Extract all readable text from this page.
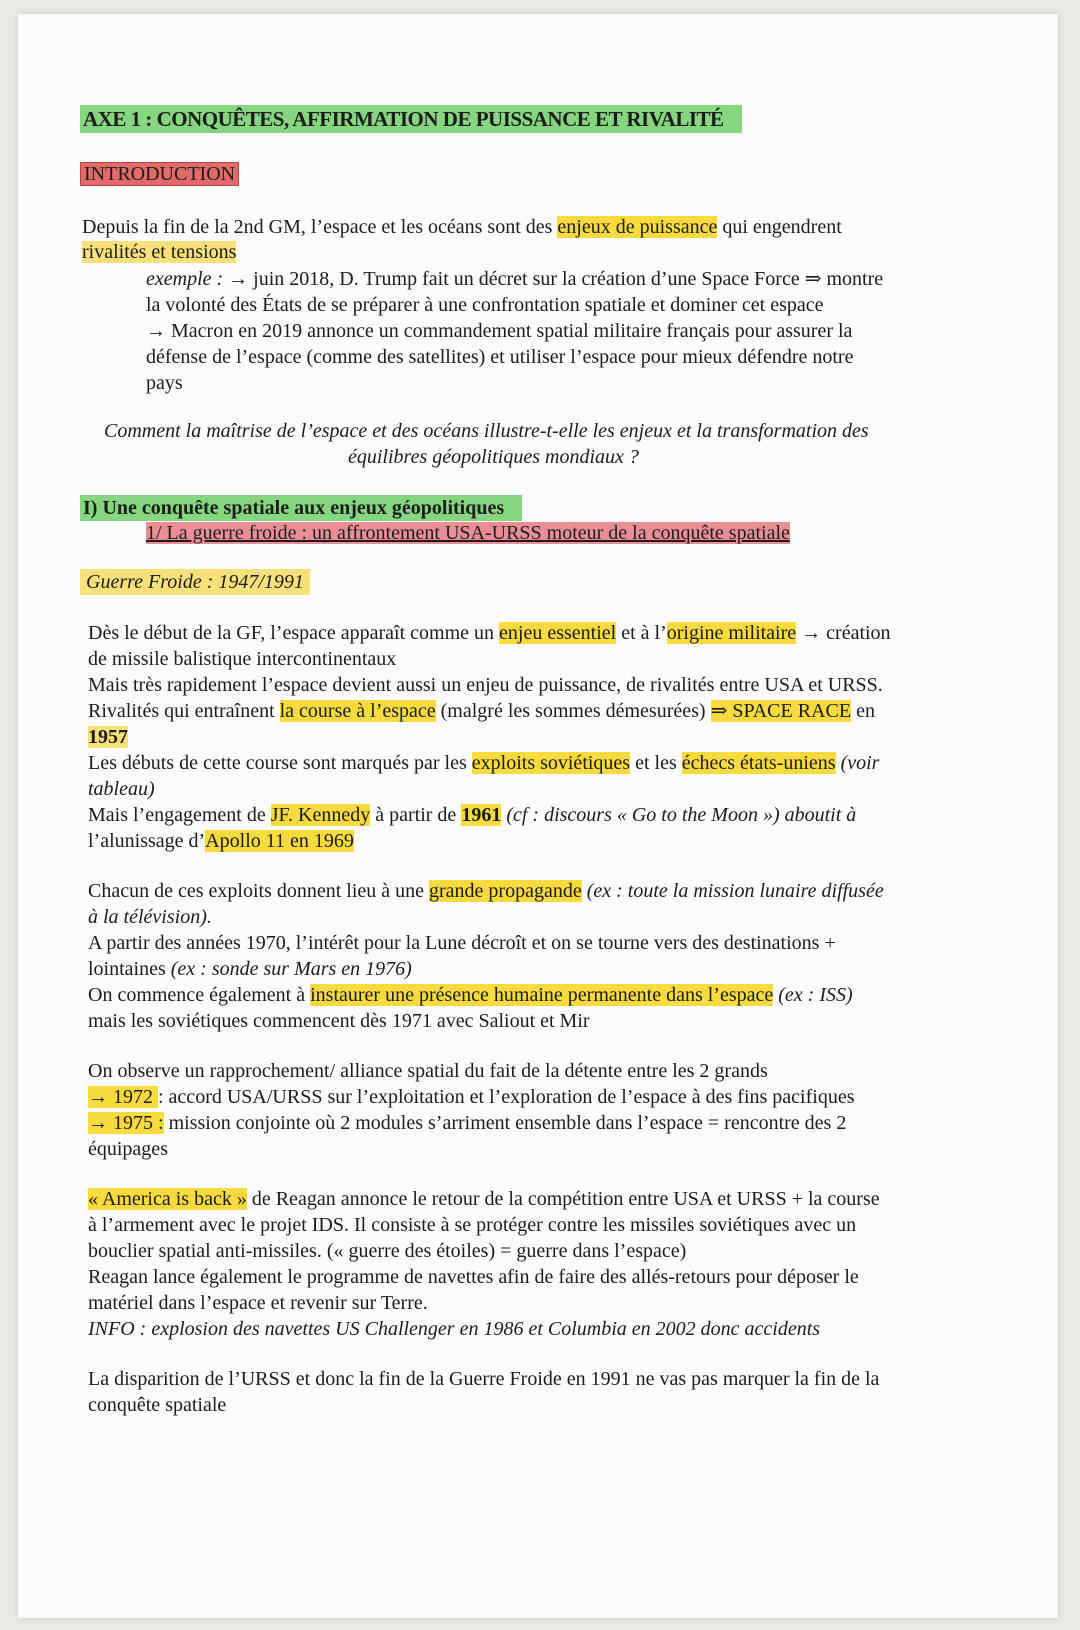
AXE 1 : CONQUÊTES, AFFIRMATION DE PUISSANCE ET RIVALITÉ
INTRODUCTION
Depuis la fin de la 2nd GM, l’espace et les océans sont des enjeux de puissance qui engendrent
rivalités et tensions
exemple : → juin 2018, D. Trump fait un décret sur la création d’une Space Force ⇒ montre
la volonté des États de se préparer à une confrontation spatiale et dominer cet espace
→ Macron en 2019 annonce un commandement spatial militaire français pour assurer la
défense de l’espace (comme des satellites) et utiliser l’espace pour mieux défendre notre
pays
Comment la maîtrise de l’espace et des océans illustre-t-elle les enjeux et la transformation des
équilibres géopolitiques mondiaux ?
I) Une conquête spatiale aux enjeux géopolitiques
1/ La guerre froide : un affrontement USA-URSS moteur de la conquête spatiale
Guerre Froide : 1947/1991
Dès le début de la GF, l’espace apparaît comme un enjeu essentiel et à l’origine militaire → création
de missile balistique intercontinentaux
Mais très rapidement l’espace devient aussi un enjeu de puissance, de rivalités entre USA et URSS.
Rivalités qui entraînent la course à l’espace (malgré les sommes démesurées) ⇒ SPACE RACE en
1957
Les débuts de cette course sont marqués par les exploits soviétiques et les échecs états-uniens (voir
tableau)
Mais l’engagement de JF. Kennedy à partir de 1961 (cf : discours « Go to the Moon ») aboutit à
l’alunissage d’Apollo 11 en 1969
Chacun de ces exploits donnent lieu à une grande propagande (ex : toute la mission lunaire diffusée
à la télévision).
A partir des années 1970, l’intérêt pour la Lune décroît et on se tourne vers des destinations +
lointaines (ex : sonde sur Mars en 1976)
On commence également à instaurer une présence humaine permanente dans l’espace (ex : ISS)
mais les soviétiques commencent dès 1971 avec Saliout et Mir
On observe un rapprochement/ alliance spatial du fait de la détente entre les 2 grands
→ 1972 : accord USA/URSS sur l’exploitation et l’exploration de l’espace à des fins pacifiques
→ 1975 : mission conjointe où 2 modules s’arriment ensemble dans l’espace = rencontre des 2
équipages
« America is back » de Reagan annonce le retour de la compétition entre USA et URSS + la course
à l’armement avec le projet IDS. Il consiste à se protéger contre les missiles soviétiques avec un
bouclier spatial anti-missiles. (« guerre des étoiles) = guerre dans l’espace)
Reagan lance également le programme de navettes afin de faire des allés-retours pour déposer le
matériel dans l’espace et revenir sur Terre.
INFO : explosion des navettes US Challenger en 1986 et Columbia en 2002 donc accidents
La disparition de l’URSS et donc la fin de la Guerre Froide en 1991 ne vas pas marquer la fin de la
conquête spatiale
